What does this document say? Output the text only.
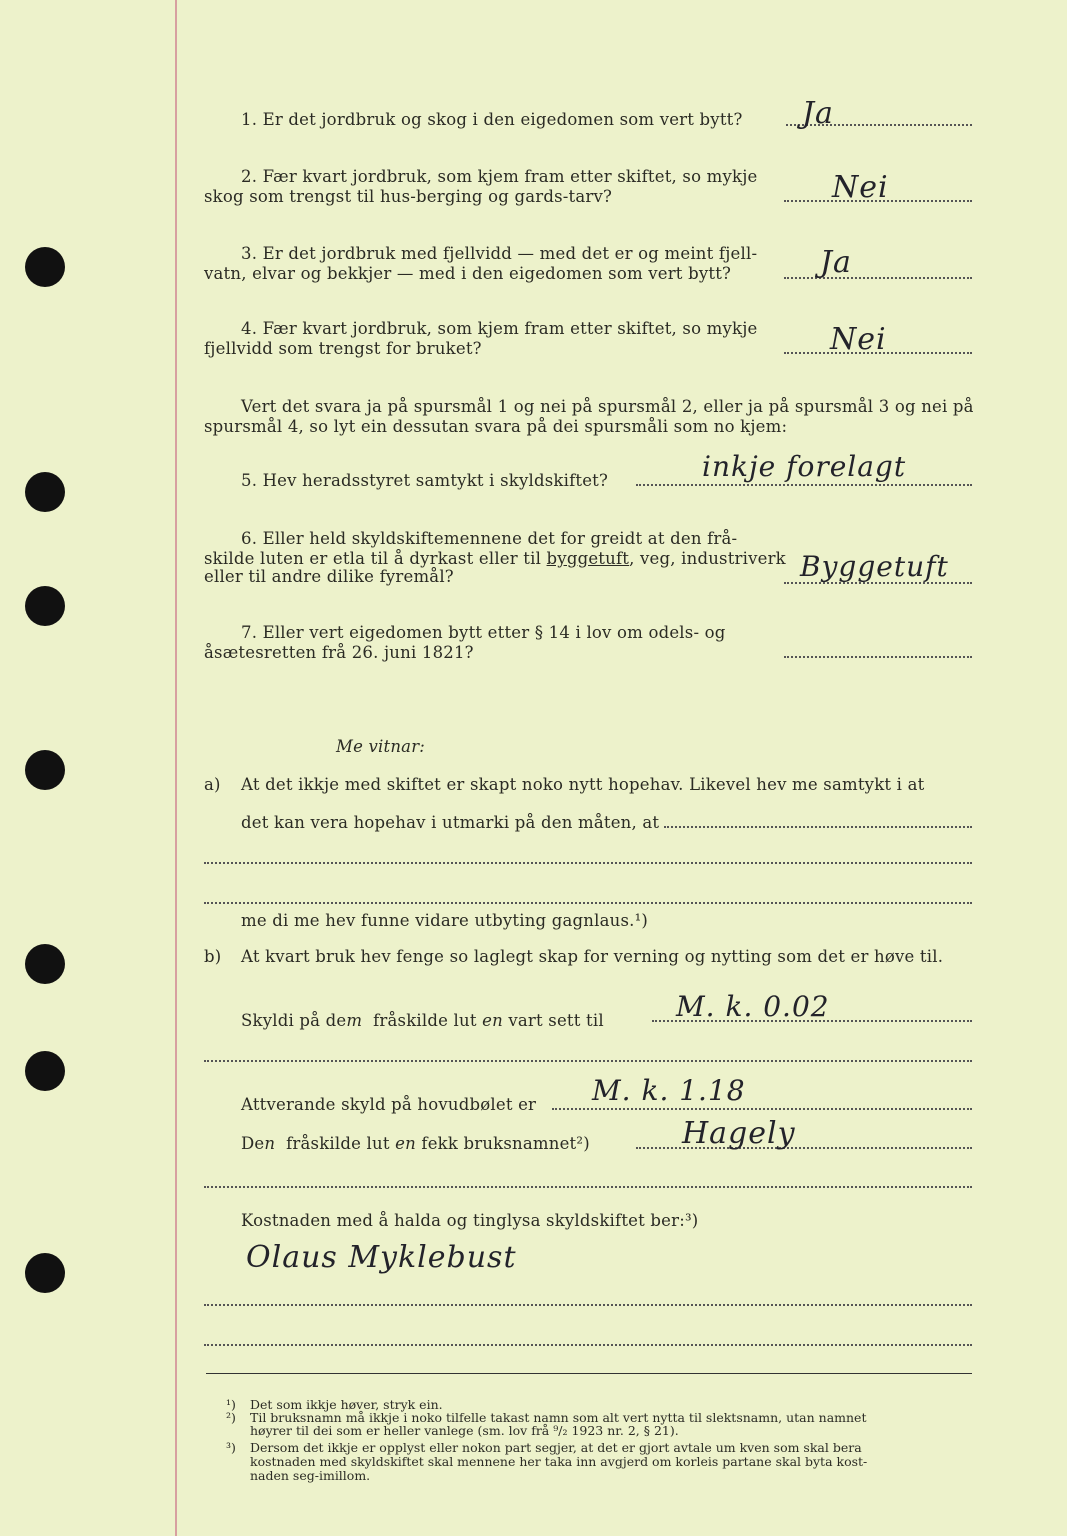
1. Er det jordbruk og skog i den eigedomen som vert bytt? Ja
2. Fær kvart jordbruk, som kjem fram etter skiftet, so mykje
skog som trengst til hus-berging og gards-tarv?	Nei
3. Er det jordbruk med fjellvidd — med det er og meint fjell-
vatn, elvar og bekkjer — med i den eigedomen som vert bytt?	Ja
4. Fær kvart jordbruk, som kjem fram etter skiftet, so mykje
fjellvidd som trengst for bruket?	Nei
Vert det svara ja på spursmål 1 og nei på spursmål 2, eller ja på spursmål 3 og nei på
spursmål 4, so lyt ein dessutan svara på dei spursmåli som no kjem:
5. Hev heradsstyret samtykt i skyldskiftet?	inkje forelagt
6. Eller held skyldskiftemennene det for greidt at den frå-
skilde luten er etla til å dyrkast eller til byggetuft, veg, industriverk
eller til andre dilike fyremål?	Byggetuft
7. Eller vert eigedomen bytt etter § 14 i lov om odels- og
åsætesretten frå 26. juni 1821?
Me vitnar:
a) At det ikkje med skiftet er skapt noko nytt hopehav. Likevel hev me samtykt i at
det kan vera hopehav i utmarki på den måten, at
me di me hev funne vidare utbyting gagnlaus.¹)
b) At kvart bruk hev fenge so laglegt skap for verning og nytting som det er høve til.
Skyldi på dem fråskilde lut en vart sett til	M. k. 0.02
Attverande skyld på hovudbølet er M. k. 1.18
Den fråskilde lut en fekk bruksnamnet²)	Hagely
Kostnaden med å halda og tinglysa skyldskiftet ber:³)
Olaus Myklebust
¹) Det som ikkje høver, stryk ein.
²) Til bruksnamn må ikkje i noko tilfelle takast namn som alt vert nytta til slektsnamn, utan namnet
høyrer til dei som er heller vanlege (sm. lov frå ⁹/₂ 1923 nr. 2, § 21).
³) Dersom det ikkje er opplyst eller nokon part segjer, at det er gjort avtale um kven som skal bera
kostnaden med skyldskiftet skal mennene her taka inn avgjerd om korleis partane skal byta kost-
naden seg-imillom.
